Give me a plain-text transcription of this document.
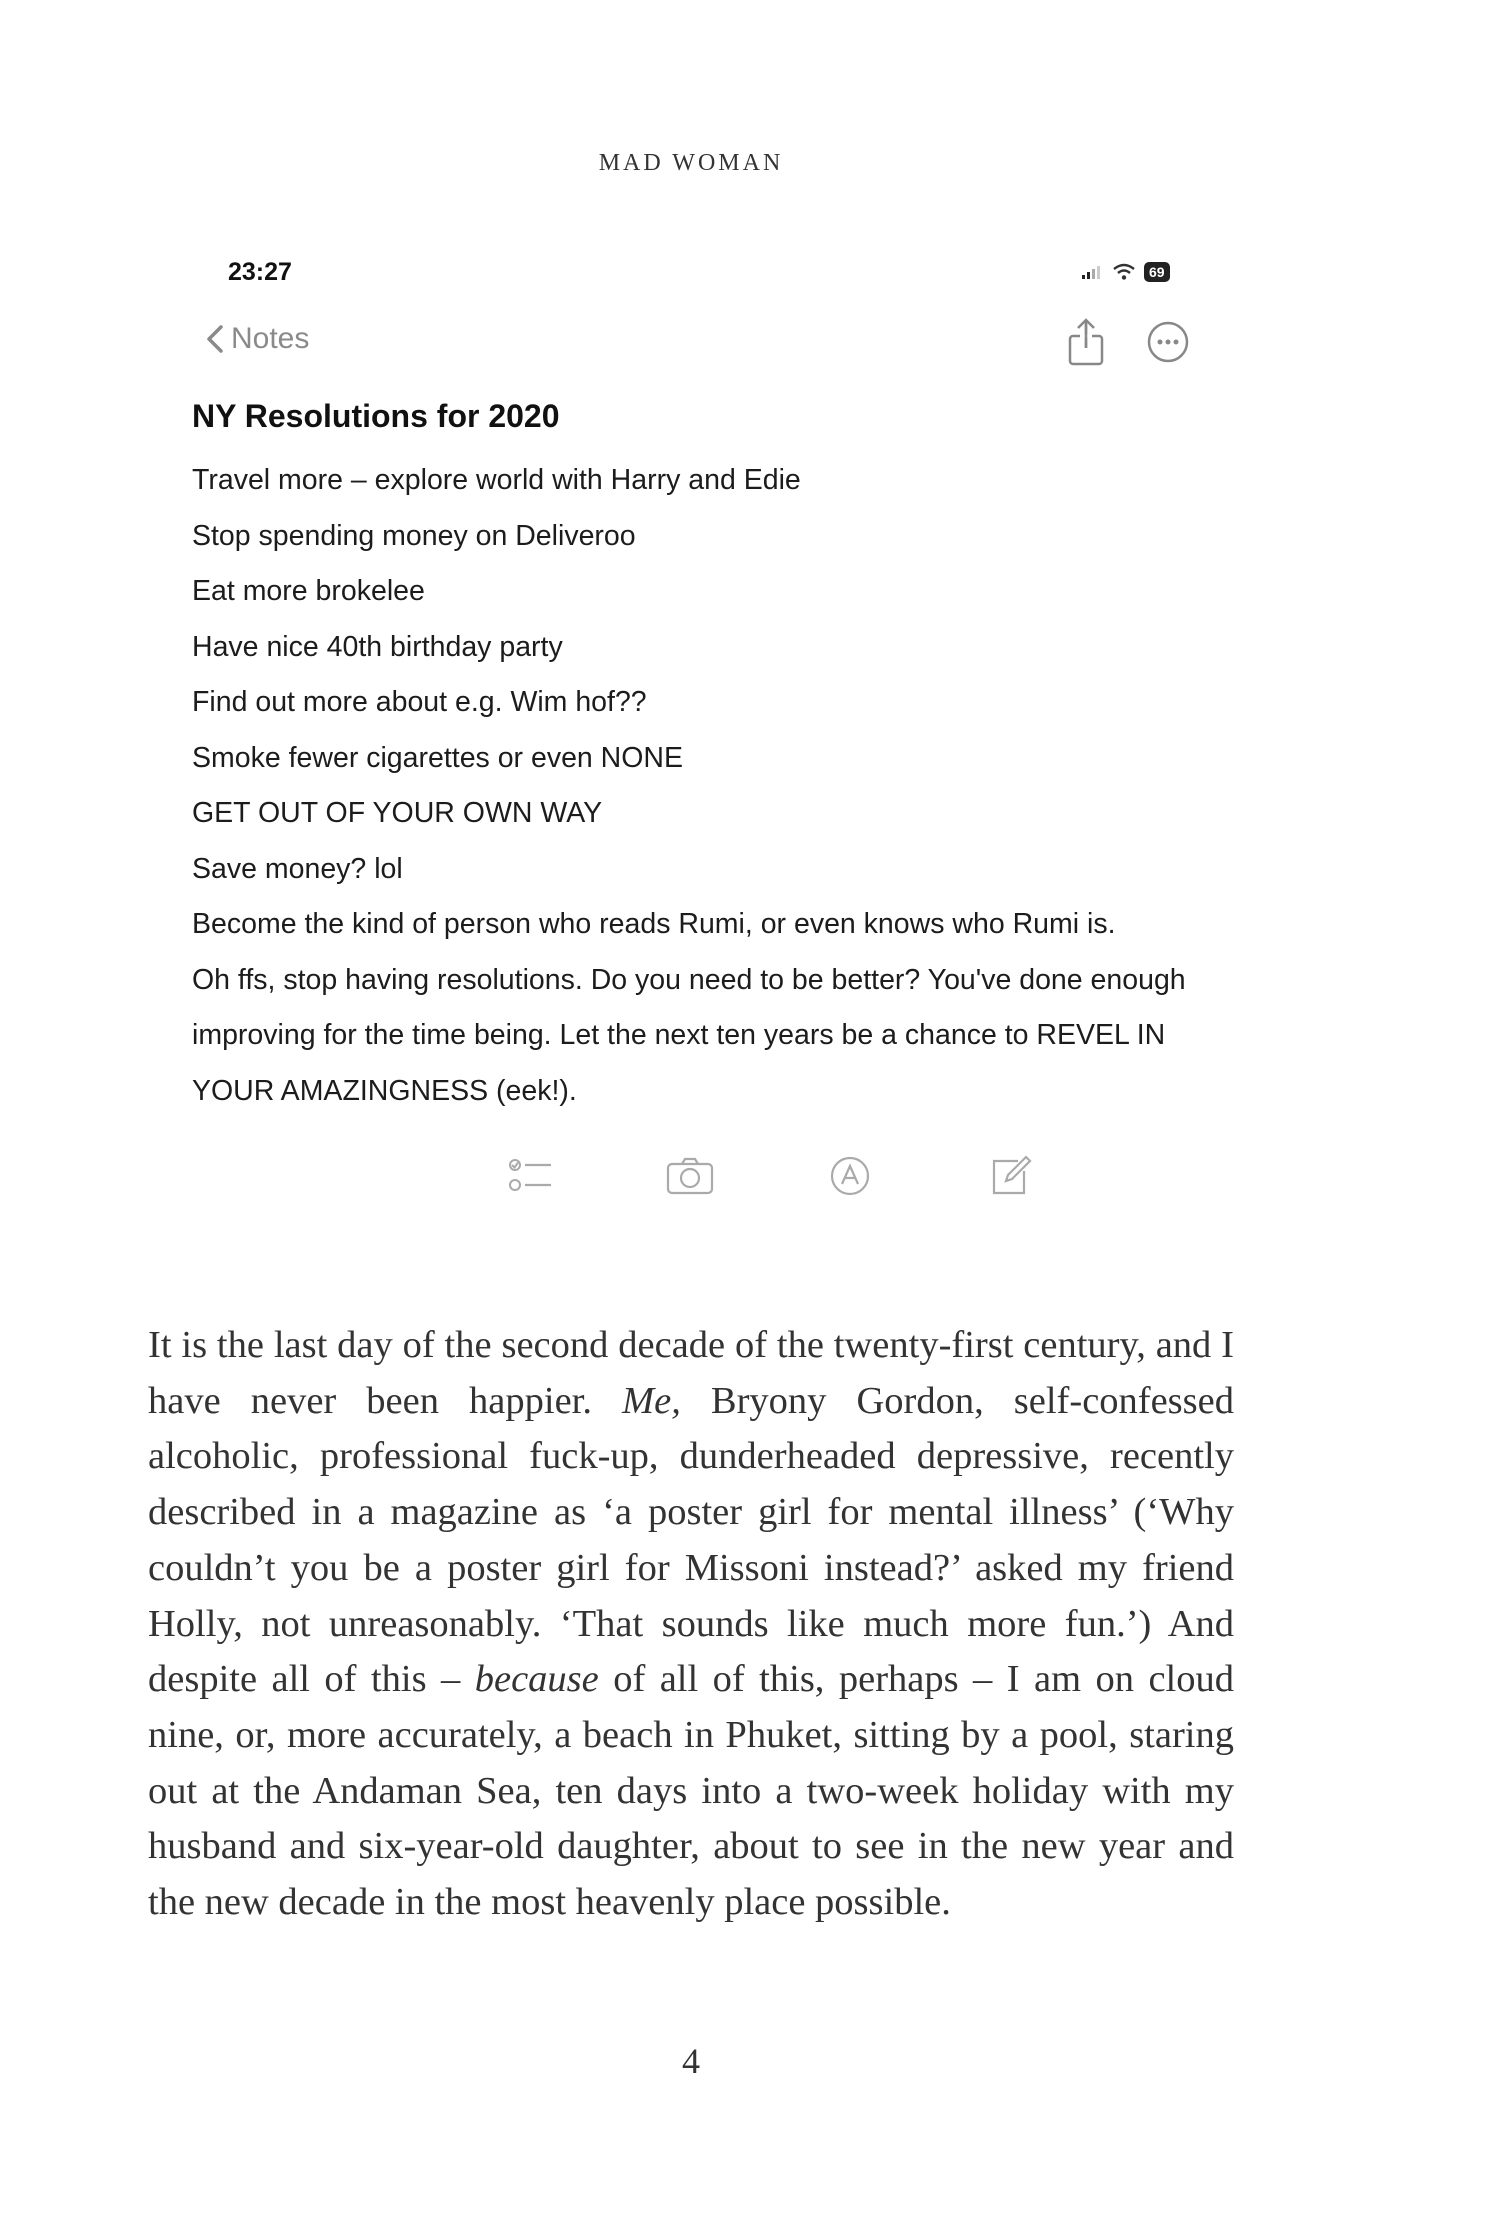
MAD WOMAN
23:27	69
Notes
NY Resolutions for 2020
Travel more – explore world with Harry and Edie
Stop spending money on Deliveroo
Eat more brokelee
Have nice 40th birthday party
Find out more about e.g. Wim hof??
Smoke fewer cigarettes or even NONE
GET OUT OF YOUR OWN WAY
Save money? lol
Become the kind of person who reads Rumi, or even knows who Rumi is.
Oh ffs, stop having resolutions. Do you need to be better? You've done enough improving for the time being. Let the next ten years be a chance to REVEL IN YOUR AMAZINGNESS (eek!).
It is the last day of the second decade of the twenty-first century, and I have never been happier. Me, Bryony Gordon, self-confessed alcoholic, professional fuck-up, dunderheaded depressive, recently described in a magazine as ‘a poster girl for mental illness’ (‘Why couldn’t you be a poster girl for Missoni instead?’ asked my friend Holly, not unreasonably. ‘That sounds like much more fun.’) And despite all of this – because of all of this, perhaps – I am on cloud nine, or, more accurately, a beach in Phuket, sitting by a pool, staring out at the Andaman Sea, ten days into a two-week holiday with my husband and six-year-old daughter, about to see in the new year and the new decade in the most heavenly place possible.
4
